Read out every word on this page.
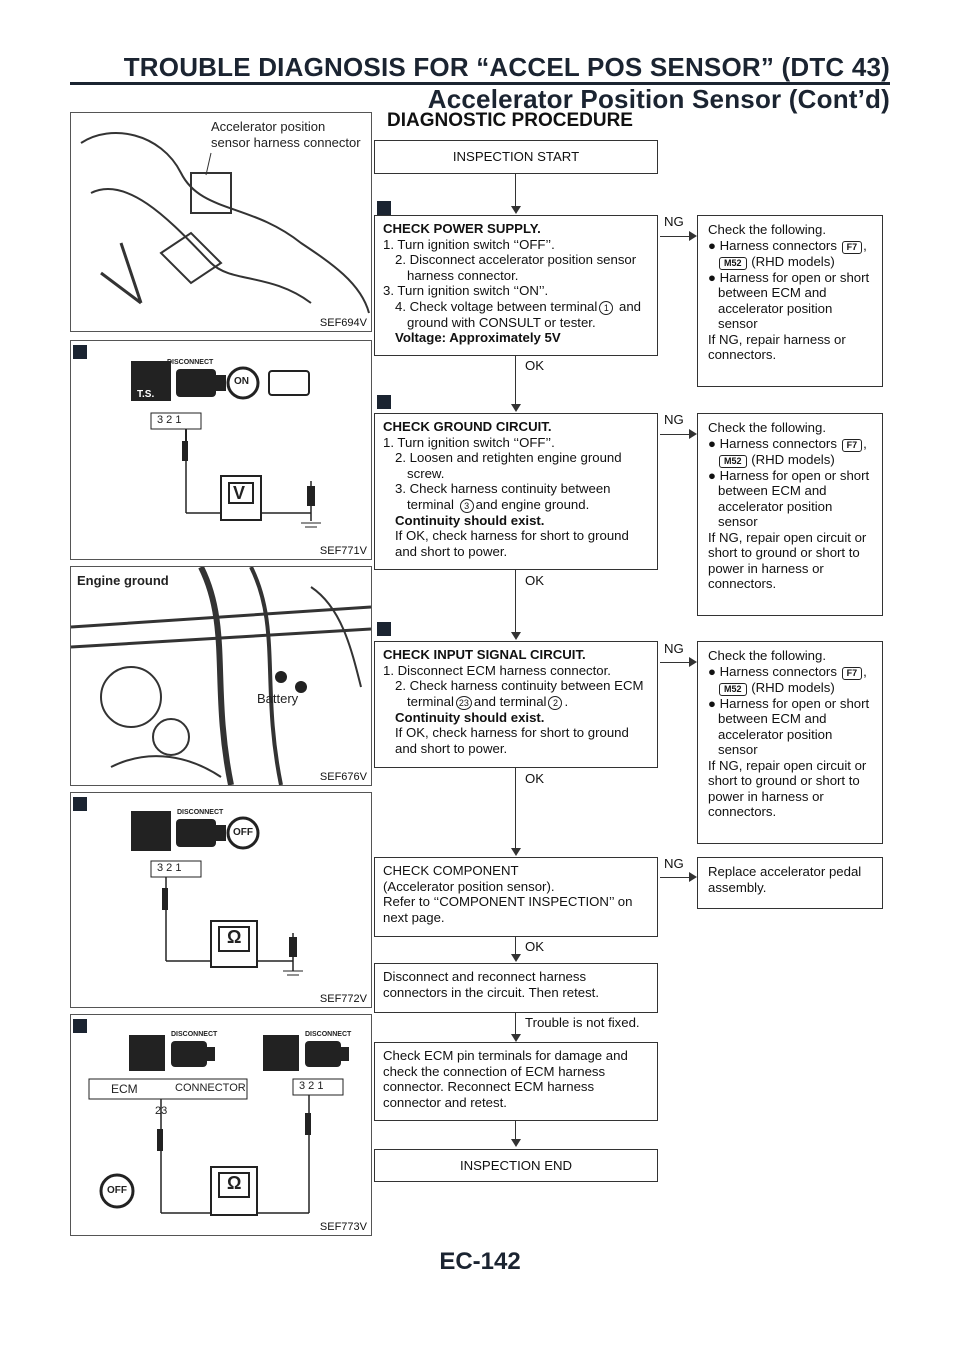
TROUBLE DIAGNOSIS FOR “ACCEL POS SENSOR” (DTC 43)
Accelerator Position Sensor (Cont’d)
DIAGNOSTIC PROCEDURE
Accelerator position
sensor harness connector
SEF694V
T.S.
DISCONNECT
ON
3 2 1
V
SEF771V
Engine ground
Battery
SEF676V
DISCONNECT
OFF
3 2 1
Ω
SEF772V
DISCONNECT	DISCONNECT
ECM	CONNECTOR
23
3 2 1
Ω
OFF
SEF773V
INSPECTION START
CHECK POWER SUPPLY.
1. Turn ignition switch ‘‘OFF’’.
2. Disconnect accelerator position sensor harness connector.
3. Turn ignition switch ‘‘ON’’.
4. Check voltage between terminal 1 and ground with CONSULT or tester.
Voltage: Approximately 5V
OK
NG
Check the following.
● Harness connectors F7 , M52 (RHD models)
● Harness for open or short between ECM and accelerator position sensor
If NG, repair harness or connectors.
CHECK GROUND CIRCUIT.
1. Turn ignition switch ‘‘OFF’’.
2. Loosen and retighten engine ground screw.
3. Check harness continuity between terminal 3 and engine ground.
Continuity should exist.
If OK, check harness for short to ground and short to power.
OK
NG
Check the following.
● Harness connectors F7 , M52 (RHD models)
● Harness for open or short between ECM and accelerator position sensor
If NG, repair open circuit or short to ground or short to power in harness or connectors.
CHECK INPUT SIGNAL CIRCUIT.
1. Disconnect ECM harness connector.
2. Check harness continuity between ECM terminal 23 and terminal 2 .
Continuity should exist.
If OK, check harness for short to ground and short to power.
OK
NG Check the following.
● Harness connectors F7 , M52 (RHD models)
● Harness for open or short between ECM and accelerator position sensor
If NG, repair open circuit or short to ground or short to power in harness or connectors.
CHECK COMPONENT
(Accelerator position sensor).
Refer to ‘‘COMPONENT INSPECTION’’ on next page.
OK
NG
Replace accelerator pedal assembly.
Disconnect and reconnect harness connectors in the circuit. Then retest.
Trouble is not fixed.
Check ECM pin terminals for damage and check the connection of ECM harness connector. Reconnect ECM harness connector and retest.
INSPECTION END
EC-142
